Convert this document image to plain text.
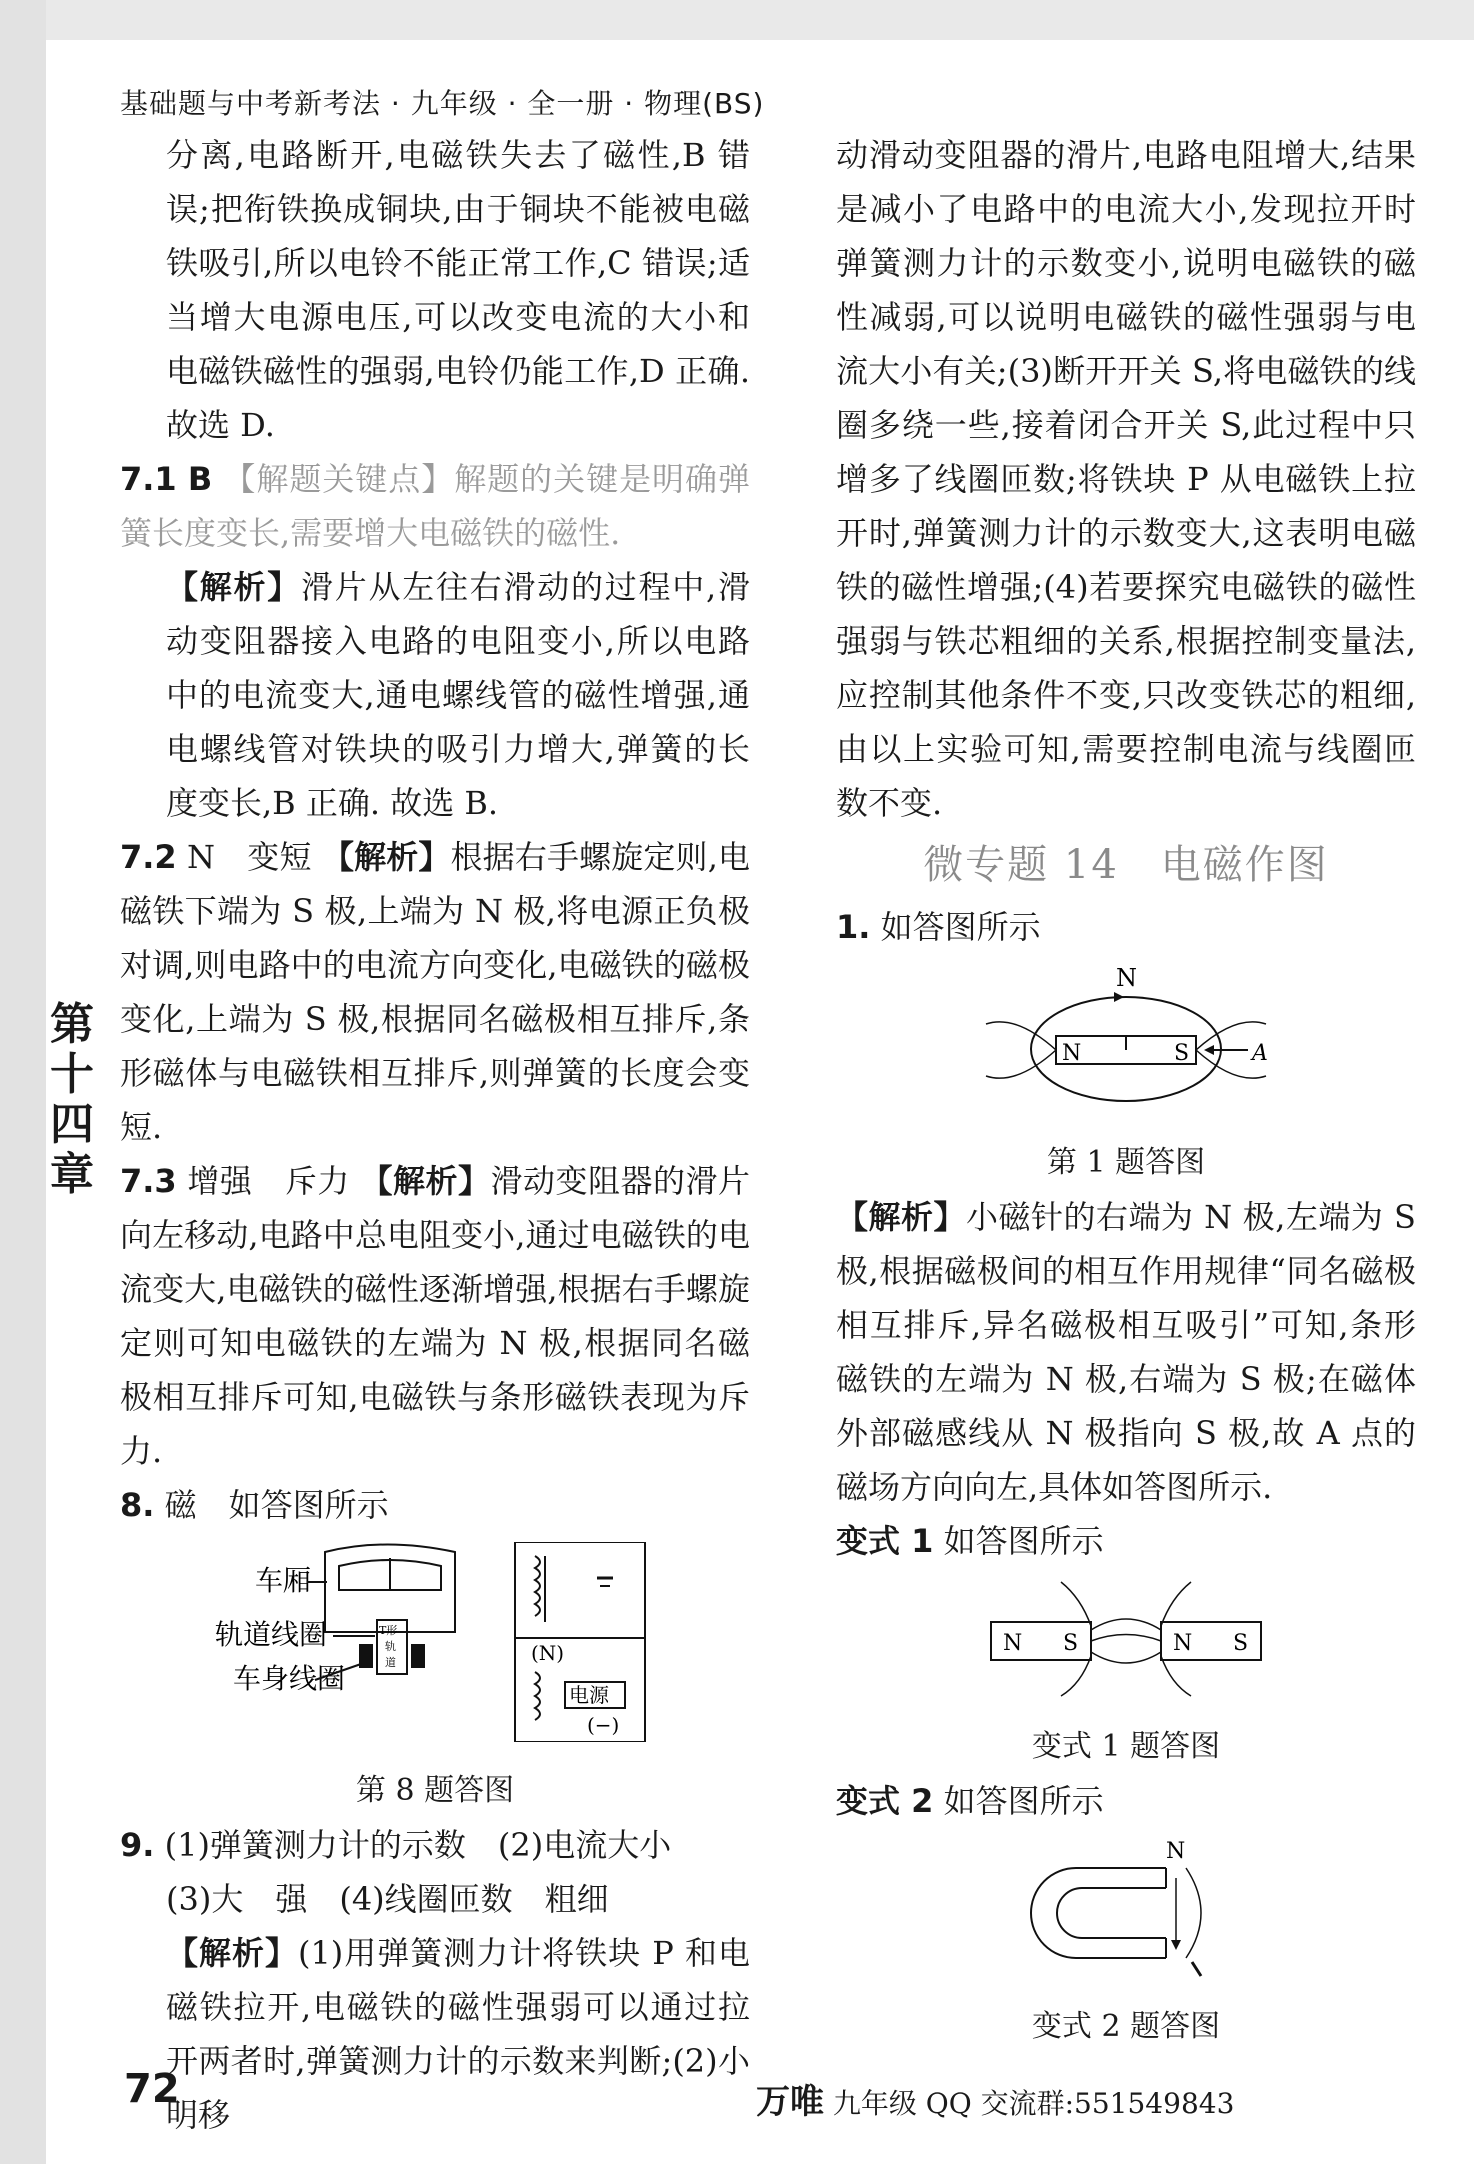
基础题与中考新考法 · 九年级 · 全一册 · 物理(BS)
第
十
四
章

分离,电路断开,电磁铁失去了磁性,B 错误;把衔铁换成铜块,由于铜块不能被电磁铁吸引,所以电铃不能正常工作,C 错误;适当增大电源电压,可以改变电流的大小和电磁铁磁性的强弱,电铃仍能工作,D 正确. 故选 D.

7.1 B 【解题关键点】解题的关键是明确弹簧长度变长,需要增大电磁铁的磁性.

【解析】滑片从左往右滑动的过程中,滑动变阻器接入电路的电阻变小,所以电路中的电流变大,通电螺线管的磁性增强,通电螺线管对铁块的吸引力增大,弹簧的长度变长,B 正确. 故选 B.

7.2 N　变短 【解析】根据右手螺旋定则,电磁铁下端为 S 极,上端为 N 极,将电源正负极对调,则电路中的电流方向变化,电磁铁的磁极变化,上端为 S 极,根据同名磁极相互排斥,条形磁体与电磁铁相互排斥,则弹簧的长度会变短.

7.3 增强　斥力 【解析】滑动变阻器的滑片向左移动,电路中总电阻变小,通过电磁铁的电流变大,电磁铁的磁性逐渐增强,根据右手螺旋定则可知电磁铁的左端为 N 极,根据同名磁极相互排斥可知,电磁铁与条形磁铁表现为斥力.

8. 磁　如答图所示

车厢
轨道线圈
车身线圈
T形
轨
道	(N)
电源
(−)
第 8 题答图

9. (1)弹簧测力计的示数　(2)电流大小

(3)大　强　(4)线圈匝数　粗细

【解析】(1)用弹簧测力计将铁块 P 和电磁铁拉开,电磁铁的磁性强弱可以通过拉开两者时,弹簧测力计的示数来判断;(2)小明移

动滑动变阻器的滑片,电路电阻增大,结果是减小了电路中的电流大小,发现拉开时弹簧测力计的示数变小,说明电磁铁的磁性减弱,可以说明电磁铁的磁性强弱与电流大小有关;(3)断开开关 S,将电磁铁的线圈多绕一些,接着闭合开关 S,此过程中只增多了线圈匝数;将铁块 P 从电磁铁上拉开时,弹簧测力计的示数变大,这表明电磁铁的磁性增强;(4)若要探究电磁铁的磁性强弱与铁芯粗细的关系,根据控制变量法,应控制其他条件不变,只改变铁芯的粗细,由以上实验可知,需要控制电流与线圈匝数不变.

微专题 14　电磁作图

1. 如答图所示

N
N	S	A
第 1 题答图

【解析】小磁针的右端为 N 极,左端为 S 极,根据磁极间的相互作用规律“同名磁极相互排斥,异名磁极相互吸引”可知,条形磁铁的左端为 N 极,右端为 S 极;在磁体外部磁感线从 N 极指向 S 极,故 A 点的磁场方向向左,具体如答图所示.

变式 1 如答图所示

N S	N S
变式 1 题答图

变式 2 如答图所示

N
变式 2 题答图
72	万唯 九年级 QQ 交流群:551549843
